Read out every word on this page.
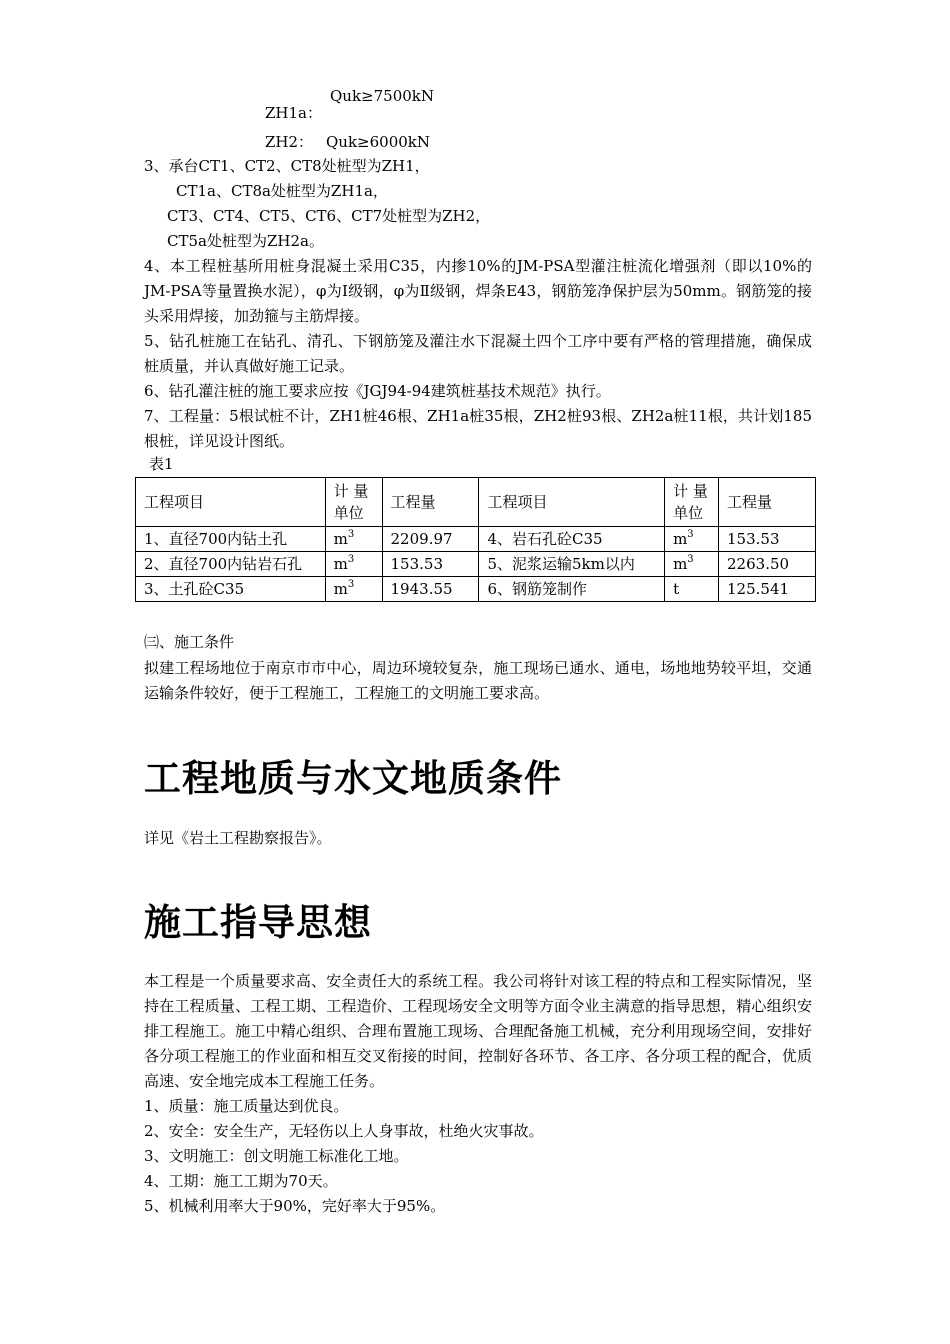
Quk≥7500kN
ZH1a：
ZH2： Quk≥6000kN
3、承台CT1、CT2、CT8处桩型为ZH1，
CT1a、CT8a处桩型为ZH1a，
CT3、CT4、CT5、CT6、CT7处桩型为ZH2，
CT5a处桩型为ZH2a。

4、本工程桩基所用桩身混凝土采用C35，内掺10%的JM-PSA型灌注桩流化增强剂（即以10%的JM-PSA等量置换水泥），φ为Ⅰ级钢，φ为Ⅱ级钢，焊条E43，钢筋笼净保护层为50mm。钢筋笼的接头采用焊接，加劲箍与主筋焊接。

5、钻孔桩施工在钻孔、清孔、下钢筋笼及灌注水下混凝土四个工序中要有严格的管理措施，确保成桩质量，并认真做好施工记录。

6、钻孔灌注桩的施工要求应按《JGJ94-94建筑桩基技术规范》执行。

7、工程量：5根试桩不计，ZH1桩46根、ZH1a桩35根，ZH2桩93根、ZH2a桩11根，共计划185根桩，详见设计图纸。

表1
工程项目	计 量单位	工程量	工程项目	计 量单位	工程量
1、直径700内钻土孔	$m^3$	2209.97	4、岩石孔砼C35	$m^3$	153.53
2、直径700内钻岩石孔	$m^3$	153.53	5、泥浆运输5km以内	$m^3$	2263.50
3、土孔砼C35	$m^3$	1943.55	6、钢筋笼制作	t	125.541
㈢、施工条件

拟建工程场地位于南京市市中心，周边环境较复杂，施工现场已通水、通电，场地地势较平坦，交通运输条件较好，便于工程施工，工程施工的文明施工要求高。

工程地质与水文地质条件
详见《岩土工程勘察报告》。
施工指导思想

本工程是一个质量要求高、安全责任大的系统工程。我公司将针对该工程的特点和工程实际情况，坚持在工程质量、工程工期、工程造价、工程现场安全文明等方面令业主满意的指导思想，精心组织安排工程施工。施工中精心组织、合理布置施工现场、合理配备施工机械，充分利用现场空间，安排好各分项工程施工的作业面和相互交叉衔接的时间，控制好各环节、各工序、各分项工程的配合，优质高速、安全地完成本工程施工任务。

1、质量：施工质量达到优良。
2、安全：安全生产，无轻伤以上人身事故，杜绝火灾事故。
3、文明施工：创文明施工标准化工地。
4、工期：施工工期为70天。
5、机械利用率大于90%，完好率大于95%。
